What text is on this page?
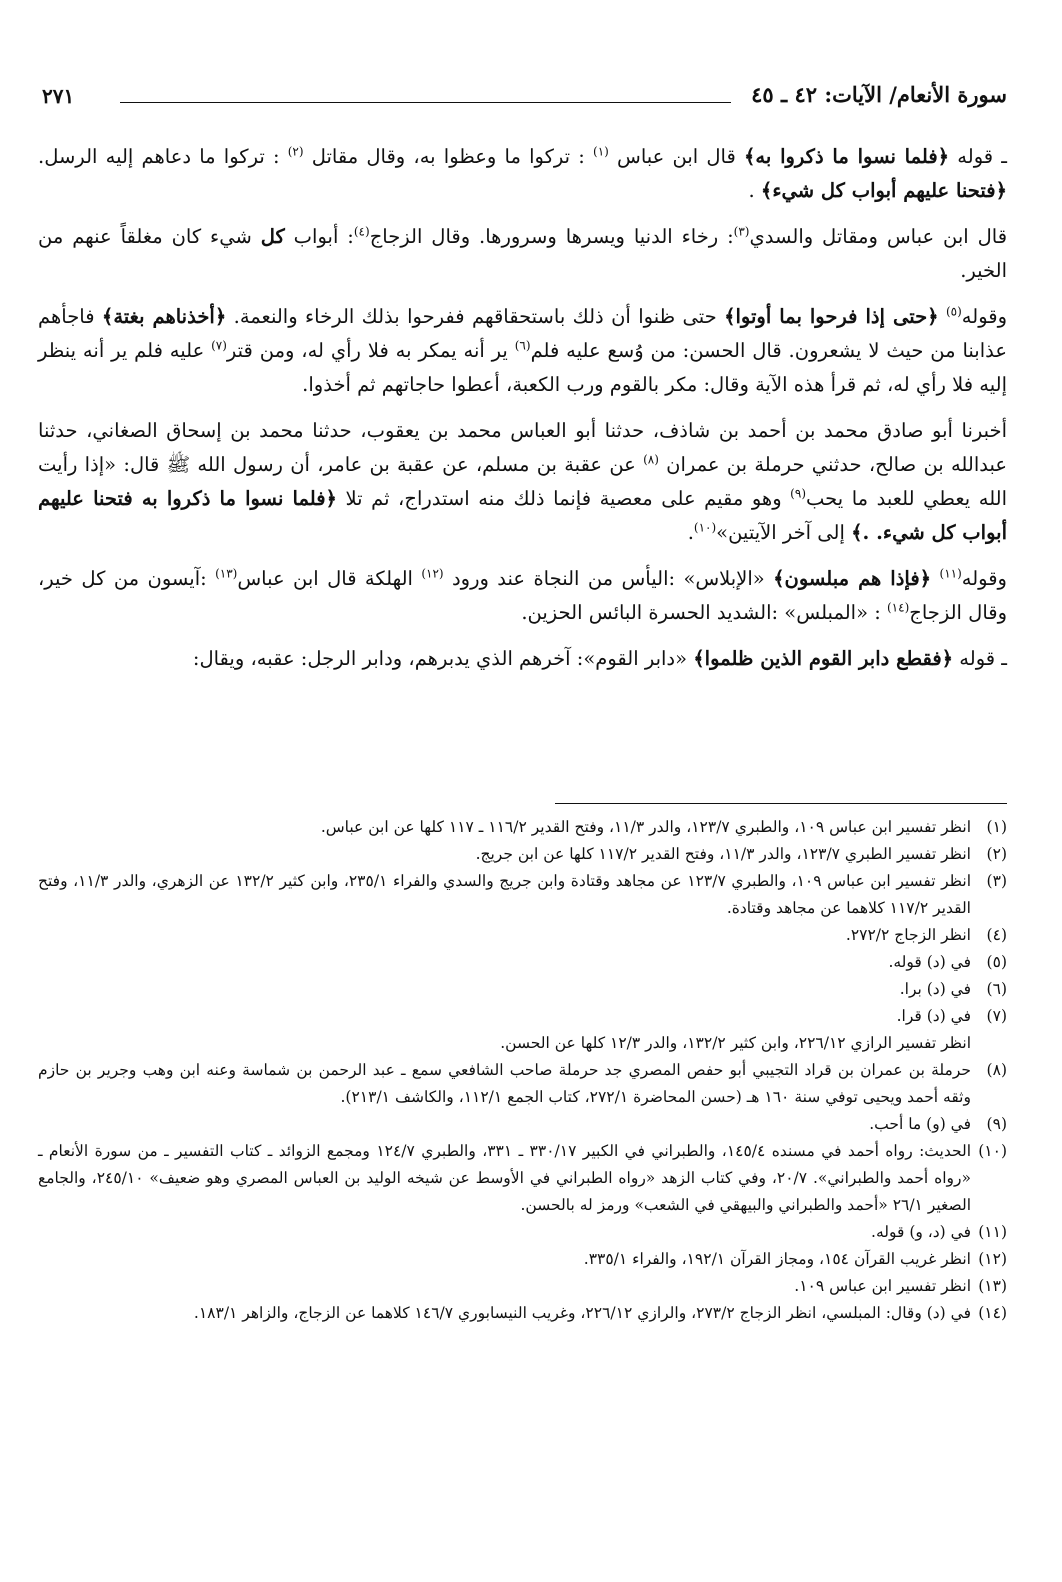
سورة الأنعام/ الآيات: ٤٢ ـ ٤٥
٢٧١

ـ قوله ﴿فلما نسوا ما ذكروا به﴾ قال ابن عباس $^{(١)}$ : تركوا ما وعظوا به، وقال مقاتل $^{(٢)}$ : تركوا ما دعاهم إليه الرسل. ﴿فتحنا عليهم أبواب كل شيء﴾ .

قال ابن عباس ومقاتل والسدي$^{(٣)}$: رخاء الدنيا ويسرها وسرورها. وقال الزجاج$^{(٤)}$: أبواب كل شيء كان مغلقاً عنهم من الخير.

وقوله$^{(٥)}$ ﴿حتى إذا فرحوا بما أوتوا﴾ حتى ظنوا أن ذلك باستحقاقهم ففرحوا بذلك الرخاء والنعمة. ﴿أخذناهم بغتة﴾ فاجأهم عذابنا من حيث لا يشعرون. قال الحسن: من وُسع عليه فلم$^{(٦)}$ ير أنه يمكر به فلا رأي له، ومن قتر$^{(٧)}$ عليه فلم ير أنه ينظر إليه فلا رأي له، ثم قرأ هذه الآية وقال: مكر بالقوم ورب الكعبة، أعطوا حاجاتهم ثم أخذوا.

أخبرنا أبو صادق محمد بن أحمد بن شاذف، حدثنا أبو العباس محمد بن يعقوب، حدثنا محمد بن إسحاق الصغاني، حدثنا عبدالله بن صالح، حدثني حرملة بن عمران $^{(٨)}$ عن عقبة بن مسلم، عن عقبة بن عامر، أن رسول الله ﷺ قال: «إذا رأيت الله يعطي للعبد ما يحب$^{(٩)}$ وهو مقيم على معصية فإنما ذلك منه استدراج، ثم تلا ﴿فلما نسوا ما ذكروا به فتحنا عليهم أبواب كل شيء. .﴾ إلى آخر الآيتين»$^{(١٠)}$.

وقوله$^{(١١)}$ ﴿فإذا هم مبلسون﴾ «الإبلاس» :اليأس من النجاة عند ورود $^{(١٢)}$ الهلكة قال ابن عباس$^{(١٣)}$ :آيسون من كل خير، وقال الزجاج$^{(١٤)}$ : «المبلس» :الشديد الحسرة البائس الحزين.

ـ قوله ﴿فقطع دابر القوم الذين ظلموا﴾ «دابر القوم»: آخرهم الذي يدبرهم، ودابر الرجل: عقبه، ويقال:

(١)
انظر تفسير ابن عباس ١٠٩، والطبري ١٢٣/٧، والدر ١١/٣، وفتح القدير ١١٦/٢ ـ ١١٧ كلها عن ابن عباس.

(٢)
انظر تفسير الطبري ١٢٣/٧، والدر ١١/٣، وفتح القدير ١١٧/٢ كلها عن ابن جريج.

(٣)
انظر تفسير ابن عباس ١٠٩، والطبري ١٢٣/٧ عن مجاهد وقتادة وابن جريج والسدي والفراء ٢٣٥/١، وابن كثير ١٣٢/٢ عن الزهري، والدر ١١/٣، وفتح القدير ١١٧/٢ كلاهما عن مجاهد وقتادة.

(٤)
انظر الزجاج ٢٧٢/٢.

(٥)
في (د) قوله.

(٦)
في (د) برا.

(٧)
في (د) قرا.

انظر تفسير الرازي ٢٢٦/١٢، وابن كثير ١٣٢/٢، والدر ١٢/٣ كلها عن الحسن.

(٨)
حرملة بن عمران بن قراد التجيبي أبو حفص المصري جد حرملة صاحب الشافعي سمع ـ عبد الرحمن بن شماسة وعنه ابن وهب وجرير بن حازم وثقه أحمد ويحيى توفي سنة ١٦٠ هـ (حسن المحاضرة ٢٧٢/١، كتاب الجمع ١١٢/١، والكاشف ٢١٣/١).

(٩)
في (و) ما أحب.

(١٠)
الحديث: رواه أحمد في مسنده ١٤٥/٤، والطبراني في الكبير ٣٣٠/١٧ ـ ٣٣١، والطبري ١٢٤/٧ ومجمع الزوائد ـ كتاب التفسير ـ من سورة الأنعام ـ «رواه أحمد والطبراني». ٢٠/٧، وفي كتاب الزهد «رواه الطبراني في الأوسط عن شيخه الوليد بن العباس المصري وهو ضعيف» ٢٤٥/١٠، والجامع الصغير ٢٦/١ «أحمد والطبراني والبيهقي في الشعب» ورمز له بالحسن.

(١١)
في (د، و) قوله.

(١٢)
انظر غريب القرآن ١٥٤، ومجاز القرآن ١٩٢/١، والفراء ٣٣٥/١.

(١٣)
انظر تفسير ابن عباس ١٠٩.

(١٤)
في (د) وقال: المبلسي، انظر الزجاج ٢٧٣/٢، والرازي ٢٢٦/١٢، وغريب النيسابوري ١٤٦/٧ كلاهما عن الزجاج، والزاهر ١٨٣/١.
